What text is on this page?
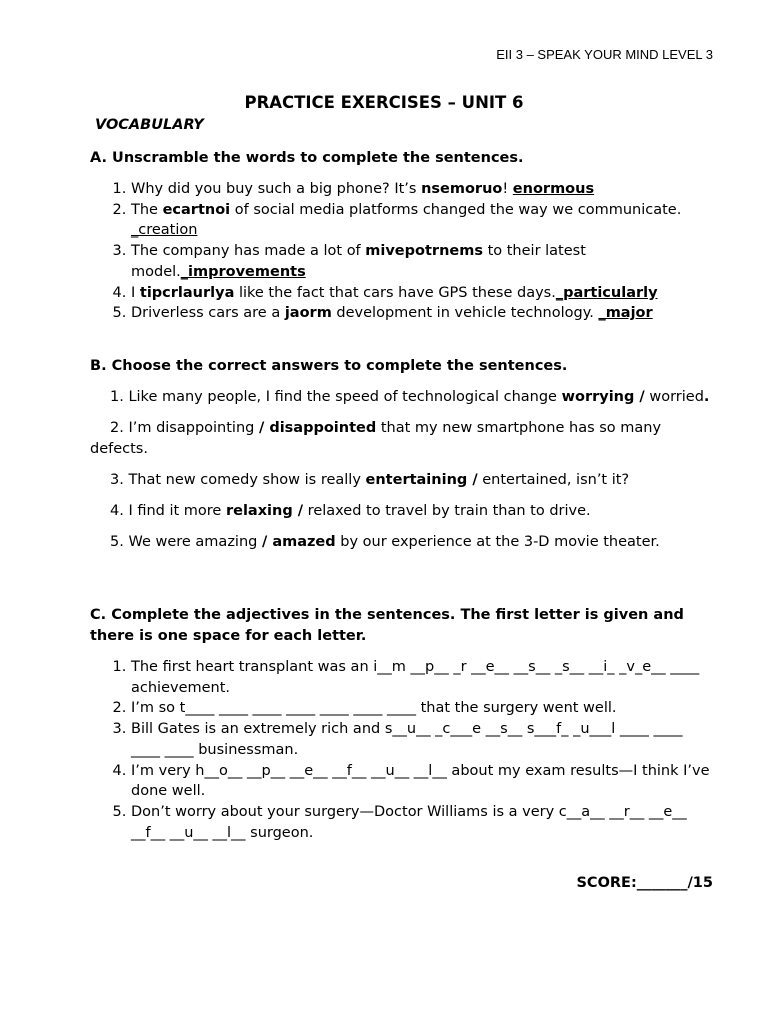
EII 3 – SPEAK YOUR MIND LEVEL 3
PRACTICE EXERCISES – UNIT 6
VOCABULARY

A. Unscramble the words to complete the sentences.

1. Why did you buy such a big phone? It’s nsemoruo! enormous
2. The ecartnoi of social media platforms changed the way we communicate. _creation
3. The company has made a lot of mivepotrnems to their latest model._improvements
4. I tipcrlaurlya like the fact that cars have GPS these days._particularly
5. Driverless cars are a jaorm development in vehicle technology. _major

B. Choose the correct answers to complete the sentences.

1. Like many people, I find the speed of technological change worrying / worried.

2. I’m disappointing / disappointed that my new smartphone has so many defects.

3. That new comedy show is really entertaining / entertained, isn’t it?

4. I find it more relaxing / relaxed to travel by train than to drive.

5. We were amazing / amazed by our experience at the 3-D movie theater.

C. Complete the adjectives in the sentences. The first letter is given and there is one space for each letter.

1. The first heart transplant was an i__m __p__ _r __e__ __s__ _s__ __i_ _v_e__ ____ achievement.
2. I’m so t____ ____ ____ ____ ____ ____ ____ that the surgery went well.
3. Bill Gates is an extremely rich and s__u__ _c___e __s__ s___f_ _u___l ____ ____ ____ ____ businessman.
4. I’m very h__o__ __p__ __e__ __f__ __u__ __l__ about my exam results—I think I’ve done well.
5. Don’t worry about your surgery—Doctor Williams is a very c__a__ __r__ __e__ __f__ __u__ __l__ surgeon.
SCORE:_______/15
